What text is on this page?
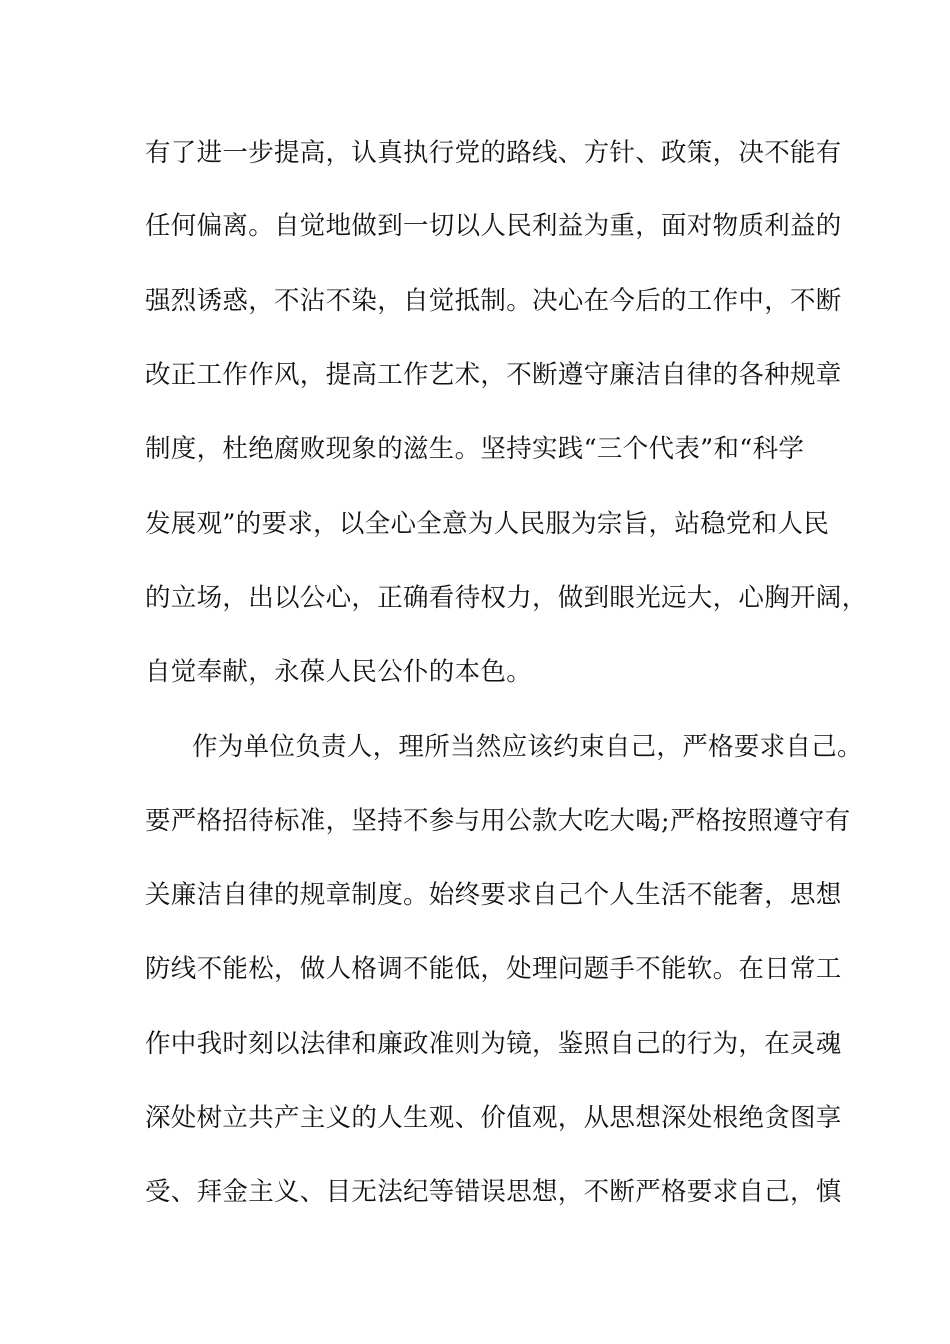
有了进一步提高，认真执行党的路线、方针、政策，决不能有
任何偏离。自觉地做到一切以人民利益为重，面对物质利益的
强烈诱惑，不沾不染，自觉抵制。决心在今后的工作中，不断
改正工作作风，提高工作艺术，不断遵守廉洁自律的各种规章
制度，杜绝腐败现象的滋生。坚持实践“三个代表”和“科学
发展观”的要求，以全心全意为人民服为宗旨，站稳党和人民
的立场，出以公心，正确看待权力，做到眼光远大，心胸开阔，
自觉奉献，永葆人民公仆的本色。
作为单位负责人，理所当然应该约束自己，严格要求自己。
要严格招待标准，坚持不参与用公款大吃大喝;严格按照遵守有
关廉洁自律的规章制度。始终要求自己个人生活不能奢，思想
防线不能松，做人格调不能低，处理问题手不能软。在日常工
作中我时刻以法律和廉政准则为镜，鉴照自己的行为，在灵魂
深处树立共产主义的人生观、价值观，从思想深处根绝贪图享
受、拜金主义、目无法纪等错误思想，不断严格要求自己，慎
